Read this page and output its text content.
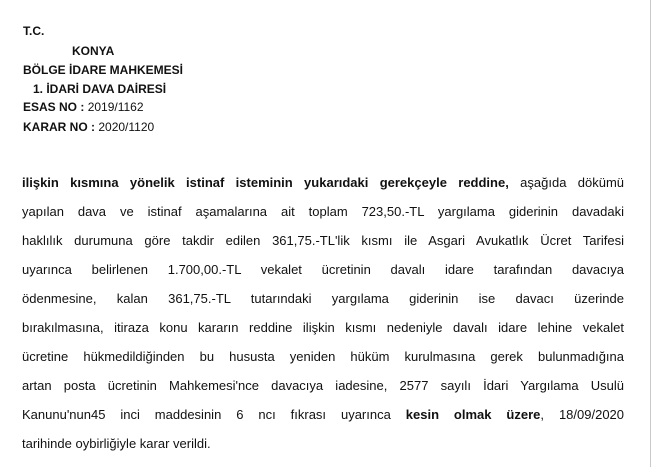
T.C.
KONYA
BÖLGE İDARE MAHKEMESİ
1. İDARİ DAVA DAİRESİ
ESAS NO : 2019/1162
KARAR NO : 2020/1120
ilişkin kısmına yönelik istinaf isteminin yukarıdaki gerekçeyle reddine, aşağıda dökümü
yapılan dava ve istinaf aşamalarına ait toplam 723,50.-TL yargılama giderinin davadaki
haklılık durumuna göre takdir edilen 361,75.-TL'lik kısmı ile Asgari Avukatlık Ücret Tarifesi
uyarınca belirlenen 1.700,00.-TL vekalet ücretinin davalı idare tarafından davacıya
ödenmesine, kalan 361,75.-TL tutarındaki yargılama giderinin ise davacı üzerinde
bırakılmasına, itiraza konu kararın reddine ilişkin kısmı nedeniyle davalı idare lehine vekalet
ücretine hükmedildiğinden bu hususta yeniden hüküm kurulmasına gerek bulunmadığına
artan posta ücretinin Mahkemesi'nce davacıya iadesine, 2577 sayılı İdari Yargılama Usulü
Kanunu'nun45 inci maddesinin 6 ncı fıkrası uyarınca kesin olmak üzere, 18/09/2020
tarihinde oybirliğiyle karar verildi.
